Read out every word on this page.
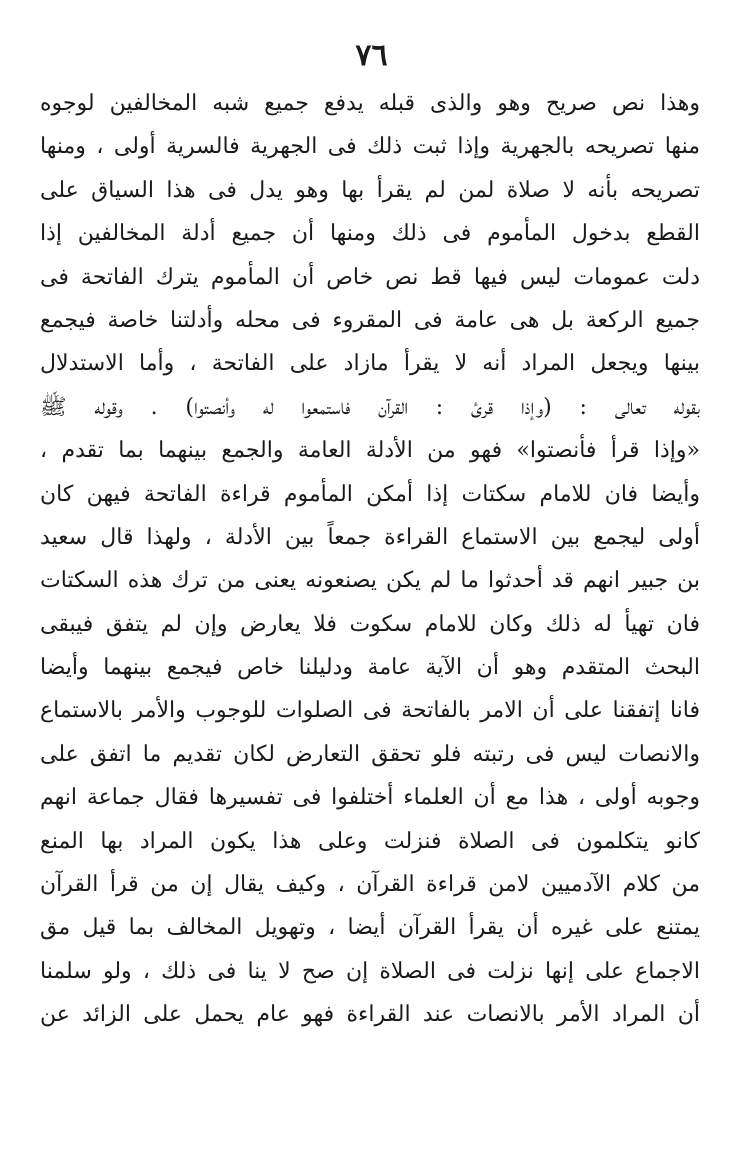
٧٦
وهذا نص صريح وهو والذى قبله يدفع جميع شبه المخالفين لوجوه
منها تصريحه بالجهرية وإذا ثبت ذلك فى الجهرية فالسرية أولى ، ومنها
تصريحه بأنه لا صلاة لمن لم يقرأ بها وهو يدل فى هذا السياق على
القطع بدخول المأموم فى ذلك ومنها أن جميع أدلة المخالفين إذا
دلت عمومات ليس فيها قط نص خاص أن المأموم يترك الفاتحة فى
جميع الركعة بل هى عامة فى المقروء فى محله وأدلتنا خاصة فيجمع
بينها ويجعل المراد أنه لا يقرأ مازاد على الفاتحة ، وأما الاستدلال
بقوله تعالى : (وإذا قرئ : القرآن فاستمعوا له وأنصتوا) . وقوله ﷺ
«وإذا قرأ فأنصتوا» فهو من الأدلة العامة والجمع بينهما بما تقدم ،
وأيضا فان للامام سكتات إذا أمكن المأموم قراءة الفاتحة فيهن كان
أولى ليجمع بين الاستماع القراءة جمعاً بين الأدلة ، ولهذا قال سعيد
بن جبير انهم قد أحدثوا ما لم يكن يصنعونه يعنى من ترك هذه السكتات
فان تهيأ له ذلك وكان للامام سكوت فلا يعارض وإن لم يتفق فيبقى
البحث المتقدم وهو أن الآية عامة ودليلنا خاص فيجمع بينهما وأيضا
فانا إتفقنا على أن الامر بالفاتحة فى الصلوات للوجوب والأمر بالاستماع
والانصات ليس فى رتبته فلو تحقق التعارض لكان تقديم ما اتفق على
وجوبه أولى ، هذا مع أن العلماء أختلفوا فى تفسيرها فقال جماعة انهم
كانو يتكلمون فى الصلاة فنزلت وعلى هذا يكون المراد بها المنع
من كلام الآدميين لامن قراءة القرآن ، وكيف يقال إن من قرأ القرآن
يمتنع على غيره أن يقرأ القرآن أيضا ، وتهويل المخالف بما قيل مق
الاجماع على إنها نزلت فى الصلاة إن صح لا ينا فى ذلك ، ولو سلمنا
أن المراد الأمر بالانصات عند القراءة فهو عام يحمل على الزائد عن
